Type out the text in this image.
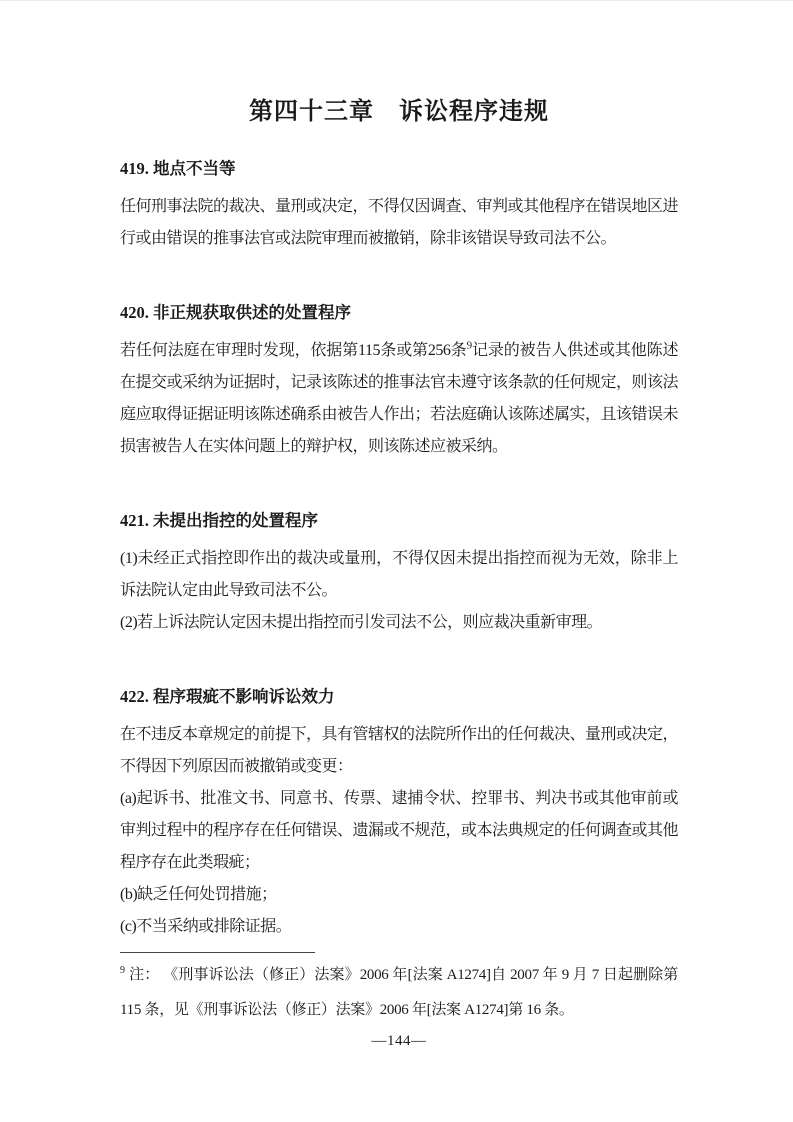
第四十三章　诉讼程序违规
419. 地点不当等

任何刑事法院的裁决、量刑或决定，不得仅因调查、审判或其他程序在错误地区进行或由错误的推事法官或法院审理而被撤销，除非该错误导致司法不公。

420. 非正规获取供述的处置程序

若任何法庭在审理时发现，依据第115条或第256条$^9$记录的被告人供述或其他陈述在提交或采纳为证据时，记录该陈述的推事法官未遵守该条款的任何规定，则该法庭应取得证据证明该陈述确系由被告人作出；若法庭确认该陈述属实，且该错误未损害被告人在实体问题上的辩护权，则该陈述应被采纳。

421. 未提出指控的处置程序

(1)未经正式指控即作出的裁决或量刑，不得仅因未提出指控而视为无效，除非上诉法院认定由此导致司法不公。

(2)若上诉法院认定因未提出指控而引发司法不公，则应裁决重新审理。

422. 程序瑕疵不影响诉讼效力

在不违反本章规定的前提下，具有管辖权的法院所作出的任何裁决、量刑或决定，不得因下列原因而被撤销或变更：

(a)起诉书、批准文书、同意书、传票、逮捕令状、控罪书、判决书或其他审前或审判过程中的程序存在任何错误、遗漏或不规范，或本法典规定的任何调查或其他程序存在此类瑕疵；

(b)缺乏任何处罚措施；

(c)不当采纳或排除证据。

$^9$ 注： 《刑事诉讼法（修正）法案》2006 年[法案 A1274]自 2007 年 9 月 7 日起删除第 115 条，见《刑事诉讼法（修正）法案》2006 年[法案 A1274]第 16 条。

—144—
